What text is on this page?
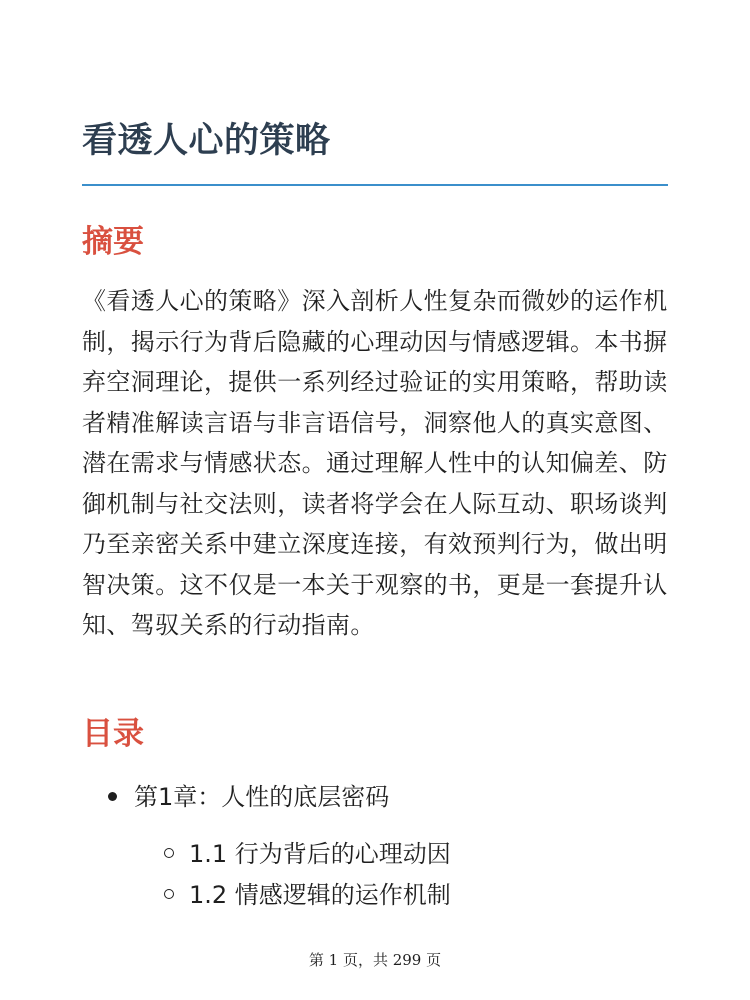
看透人心的策略
摘要

《看透人心的策略》深入剖析人性复杂而微妙的运作机制，揭示行为背后隐藏的心理动因与情感逻辑。本书摒弃空洞理论，提供一系列经过验证的实用策略，帮助读者精准解读言语与非言语信号，洞察他人的真实意图、潜在需求与情感状态。通过理解人性中的认知偏差、防御机制与社交法则，读者将学会在人际互动、职场谈判乃至亲密关系中建立深度连接，有效预判行为，做出明智决策。这不仅是一本关于观察的书，更是一套提升认知、驾驭关系的行动指南。

目录
第1章：人性的底层密码
1.1 行为背后的心理动因
1.2 情感逻辑的运作机制
第 1 页，共 299 页
